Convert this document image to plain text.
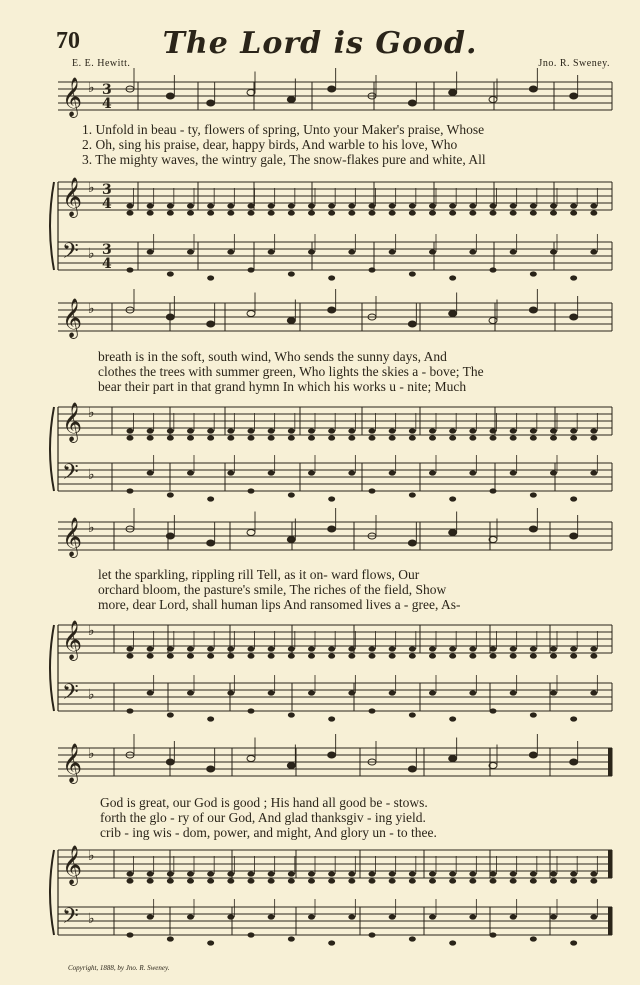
𝄞
𝄞
𝄢
♭
♭
♭
3
3
3
4
4
4
𝄞
𝄞
𝄢
♭
♭
♭
𝄞
𝄞
𝄢
♭
♭
♭
𝄞
𝄞
𝄢
♭
♭
♭
70	The Lord is Good.
E. E. Hewitt.	Jno. R. Sweney.
1. Unfold in beau - ty, flowers of spring, Unto your Maker's praise, Whose
2. Oh, sing his praise, dear, happy birds, And warble to his love, Who
3. The mighty waves, the wintry gale, The snow-flakes pure and white, All
breath is in the soft, south wind, Who sends the sunny days, And
clothes the trees with summer green, Who lights the skies a - bove; The
bear their part in that grand hymn In which his works u - nite; Much
let the sparkling, rippling rill Tell, as it on- ward flows, Our
orchard bloom, the pasture's smile, The riches of the field, Show
more, dear Lord, shall human lips And ransomed lives a - gree, As-
God is great, our God is good ; His hand all good be - stows.
forth the glo - ry of our God, And glad thanksgiv - ing yield.
crib - ing wis - dom, power, and might, And glory un - to thee.
Copyright, 1888, by Jno. R. Sweney.
